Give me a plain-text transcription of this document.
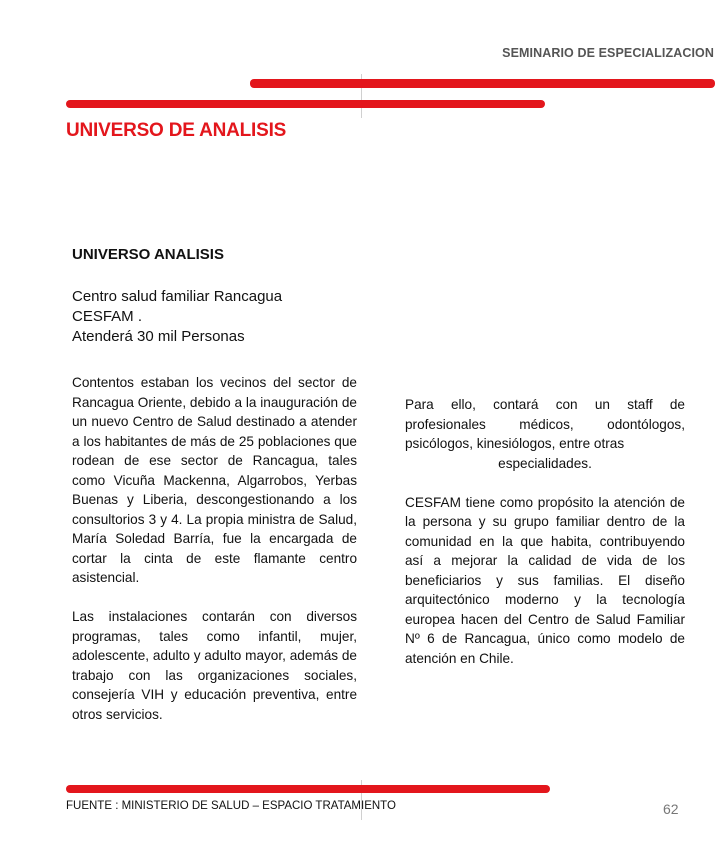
SEMINARIO DE ESPECIALIZACION
UNIVERSO DE ANALISIS
UNIVERSO ANALISIS
Centro salud familiar Rancagua
CESFAM .
Atenderá 30 mil Personas

Contentos estaban los vecinos del sector de Rancagua Oriente, debido a la inauguración de un nuevo Centro de Salud destinado a atender a los habitantes de más de 25 poblaciones que rodean de ese sector de Rancagua, tales como Vicuña Mackenna, Algarrobos, Yerbas Buenas y Liberia, descongestionando a los consultorios 3 y 4. La propia ministra de Salud, María Soledad Barría, fue la encargada de cortar la cinta de este flamante centro asistencial.

Las instalaciones contarán con diversos programas, tales como infantil, mujer, adolescente, adulto y adulto mayor, además de trabajo con las organizaciones sociales, consejería VIH y educación preventiva, entre otros servicios.

Para ello, contará con un staff de profesionales médicos, odontólogos, psicólogos, kinesiólogos, entre otras

especialidades.

CESFAM tiene como propósito la atención de la persona y su grupo familiar dentro de la comunidad en la que habita, contribuyendo así a mejorar la calidad de vida de los beneficiarios y sus familias. El diseño arquitectónico moderno y la tecnología europea hacen del Centro de Salud Familiar Nº 6 de Rancagua, único como modelo de atención en Chile.

FUENTE : MINISTERIO DE SALUD – ESPACIO TRATAMIENTO	62
